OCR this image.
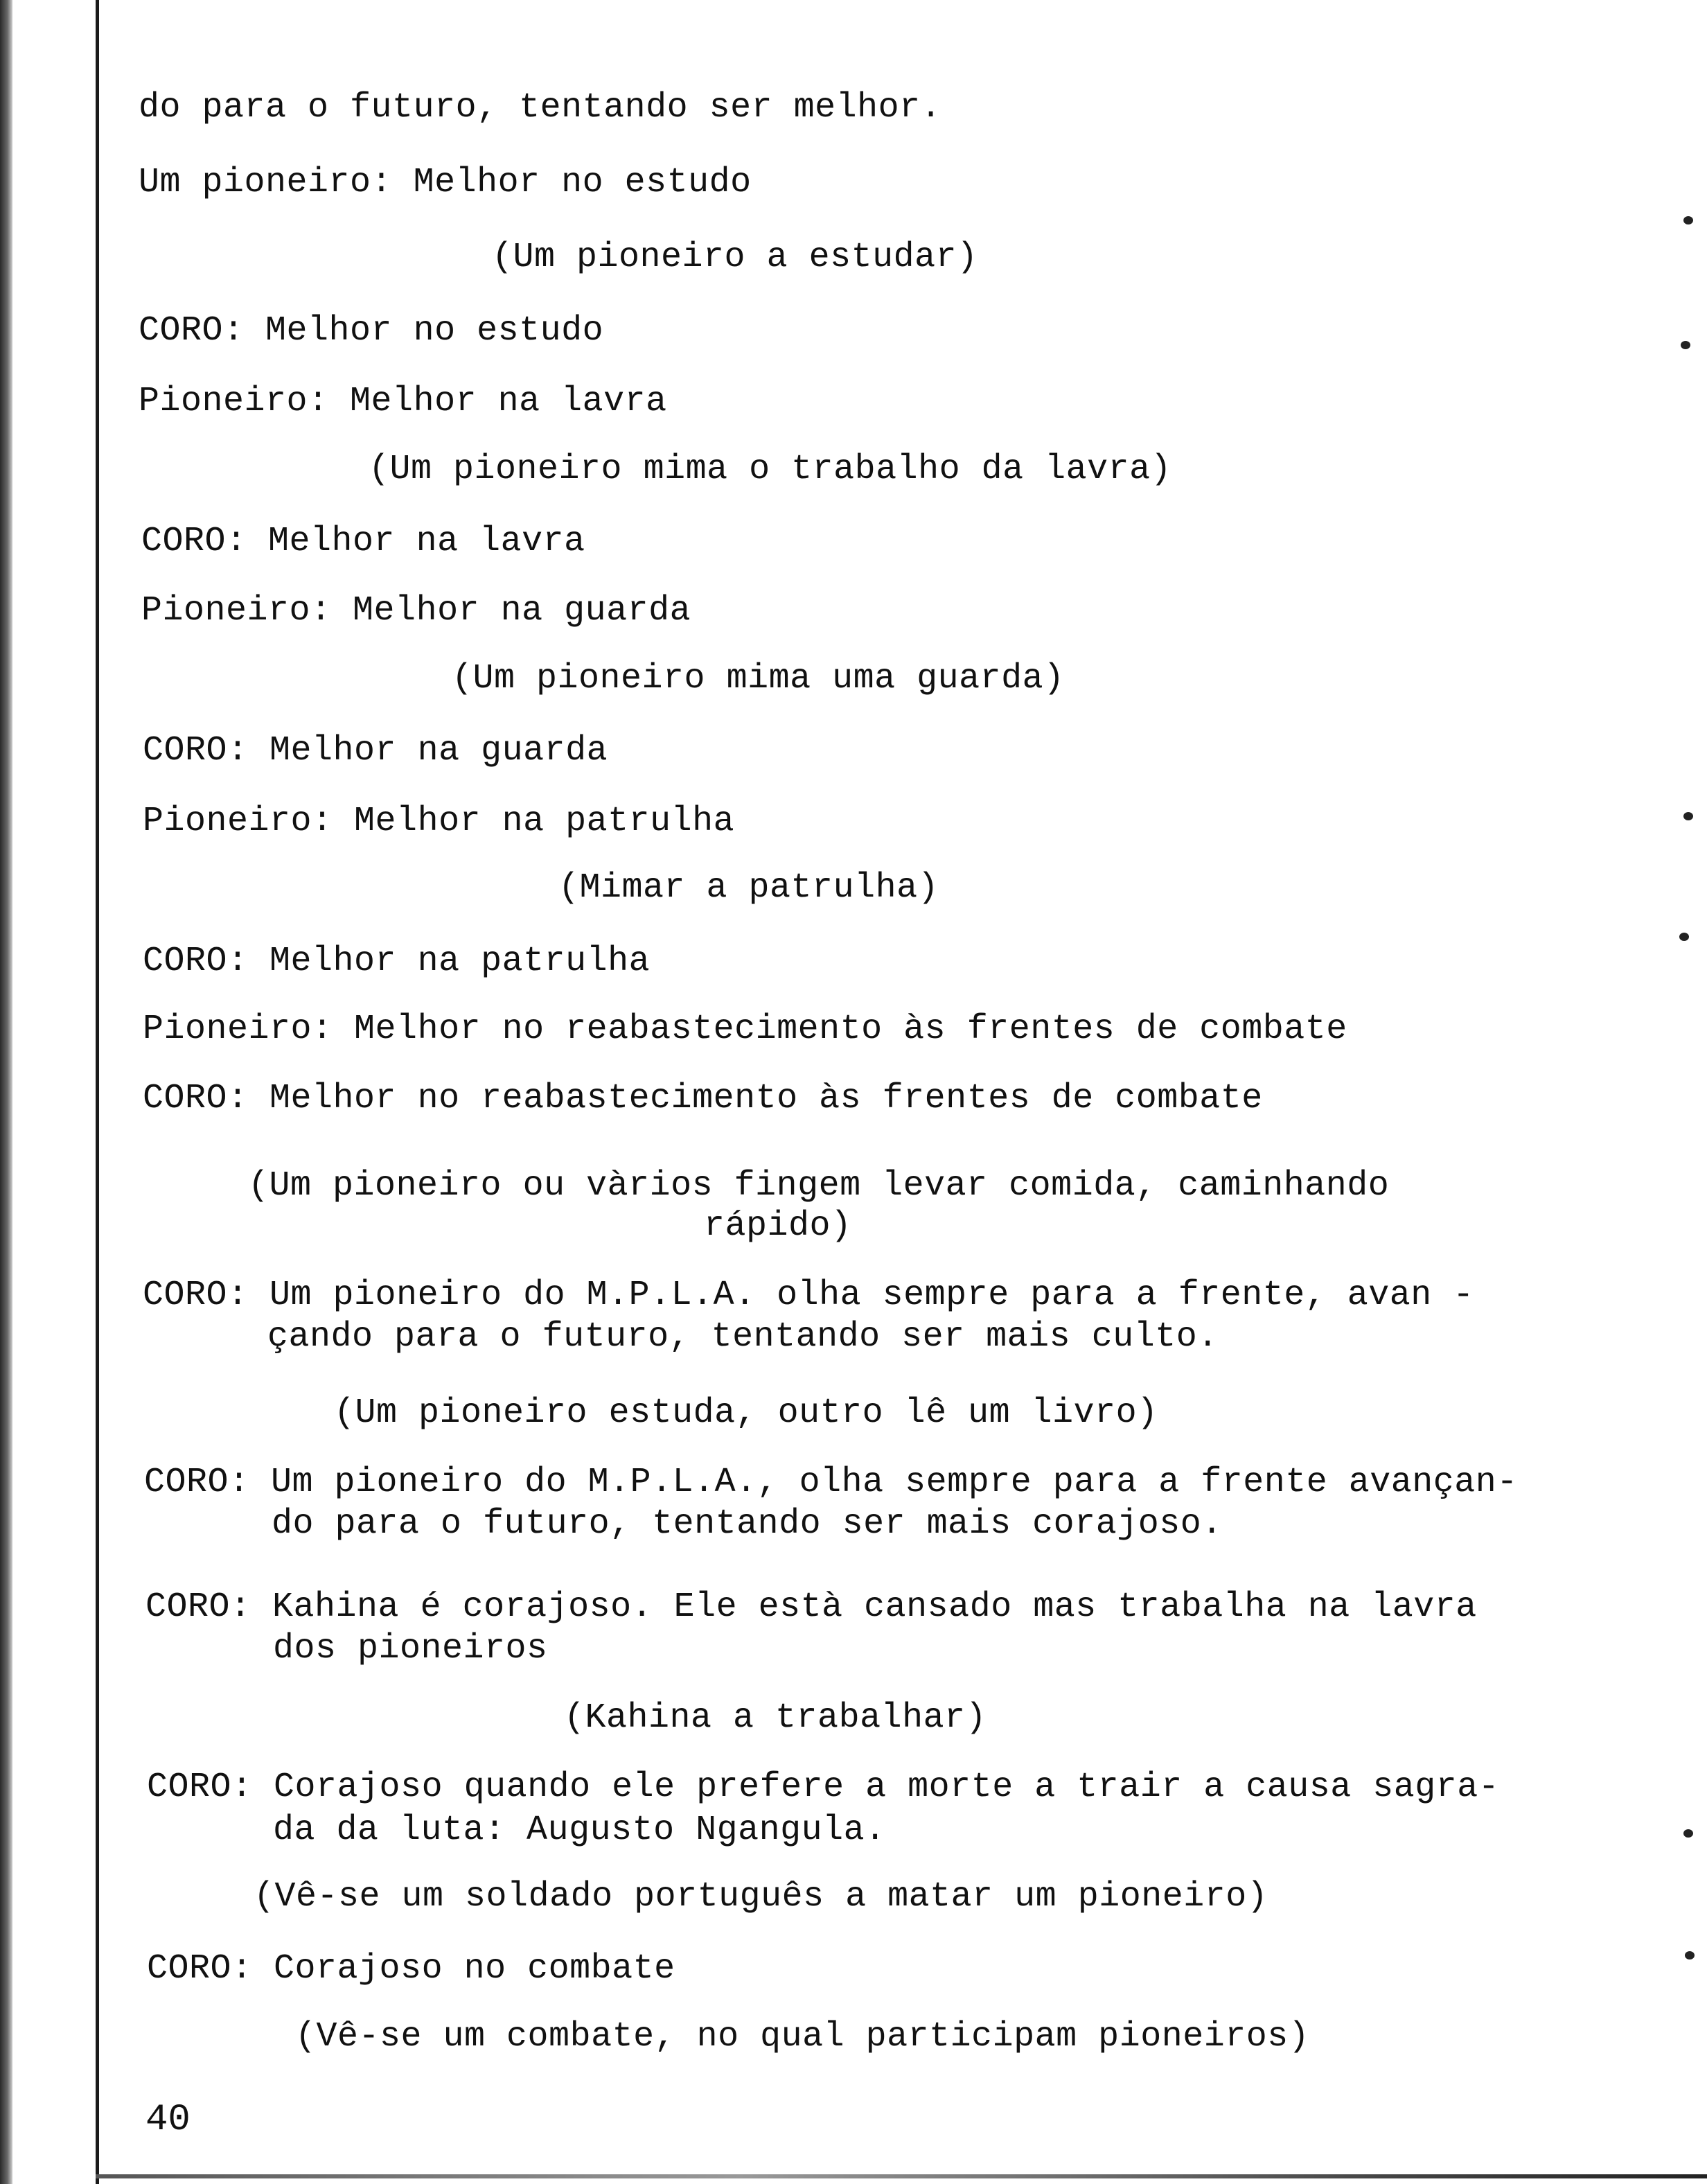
do para o futuro, tentando ser melhor.

Um pioneiro: Melhor no estudo

(Um pioneiro a estudar)

CORO: Melhor no estudo

Pioneiro: Melhor na lavra

(Um pioneiro mima o trabalho da lavra)

CORO: Melhor na lavra

Pioneiro: Melhor na guarda

(Um pioneiro mima uma guarda)

CORO: Melhor na guarda

Pioneiro: Melhor na patrulha

(Mimar a patrulha)

CORO: Melhor na patrulha

Pioneiro: Melhor no reabastecimento às frentes de combate

CORO: Melhor no reabastecimento às frentes de combate

(Um pioneiro ou vàrios fingem levar comida, caminhando

rápido)

CORO: Um pioneiro do M.P.L.A. olha sempre para a frente, avan -

çando para o futuro, tentando ser mais culto.

(Um pioneiro estuda, outro lê um livro)

CORO: Um pioneiro do M.P.L.A., olha sempre para a frente avançan-

do para o futuro, tentando ser mais corajoso.

CORO: Kahina é corajoso. Ele està cansado mas trabalha na lavra

dos pioneiros

(Kahina a trabalhar)

CORO: Corajoso quando ele prefere a morte a trair a causa sagra-

da da luta: Augusto Ngangula.

(Vê-se um soldado português a matar um pioneiro)

CORO: Corajoso no combate

(Vê-se um combate, no qual participam pioneiros)

40
